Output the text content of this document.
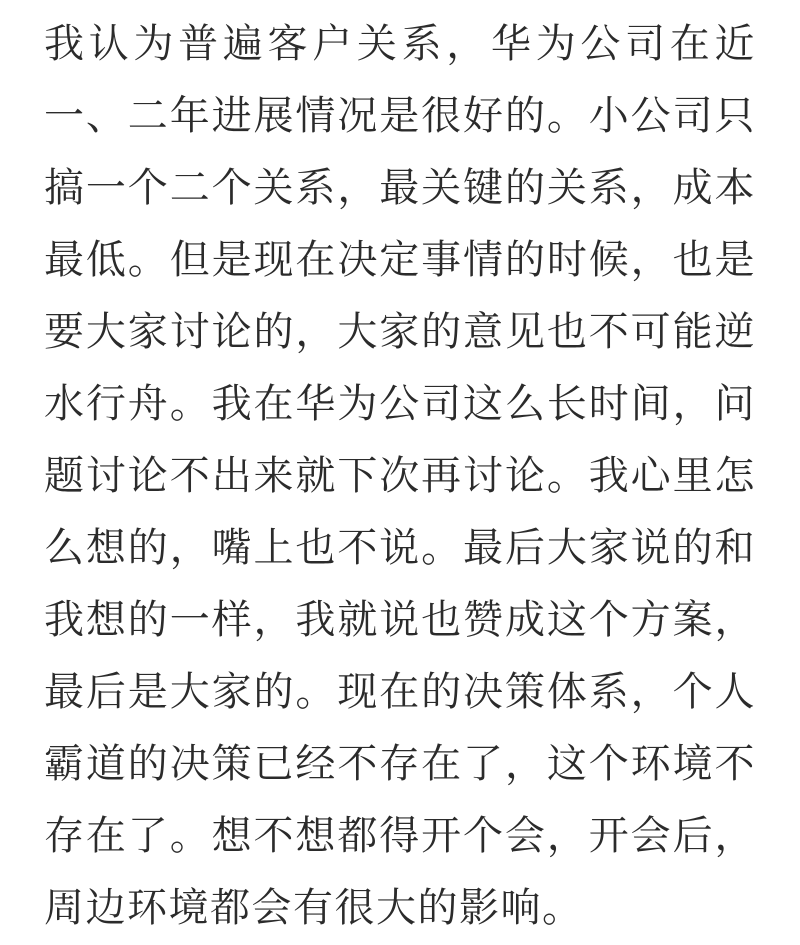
我认为普遍客户关系，华为公司在近一、二年进展情况是很好的。小公司只搞一个二个关系，最关键的关系，成本最低。但是现在决定事情的时候，也是要大家讨论的，大家的意见也不可能逆水行舟。我在华为公司这么长时间，问题讨论不出来就下次再讨论。我心里怎么想的，嘴上也不说。最后大家说的和我想的一样，我就说也赞成这个方案，最后是大家的。现在的决策体系，个人霸道的决策已经不存在了，这个环境不存在了。想不想都得开个会，开会后，周边环境都会有很大的影响。
